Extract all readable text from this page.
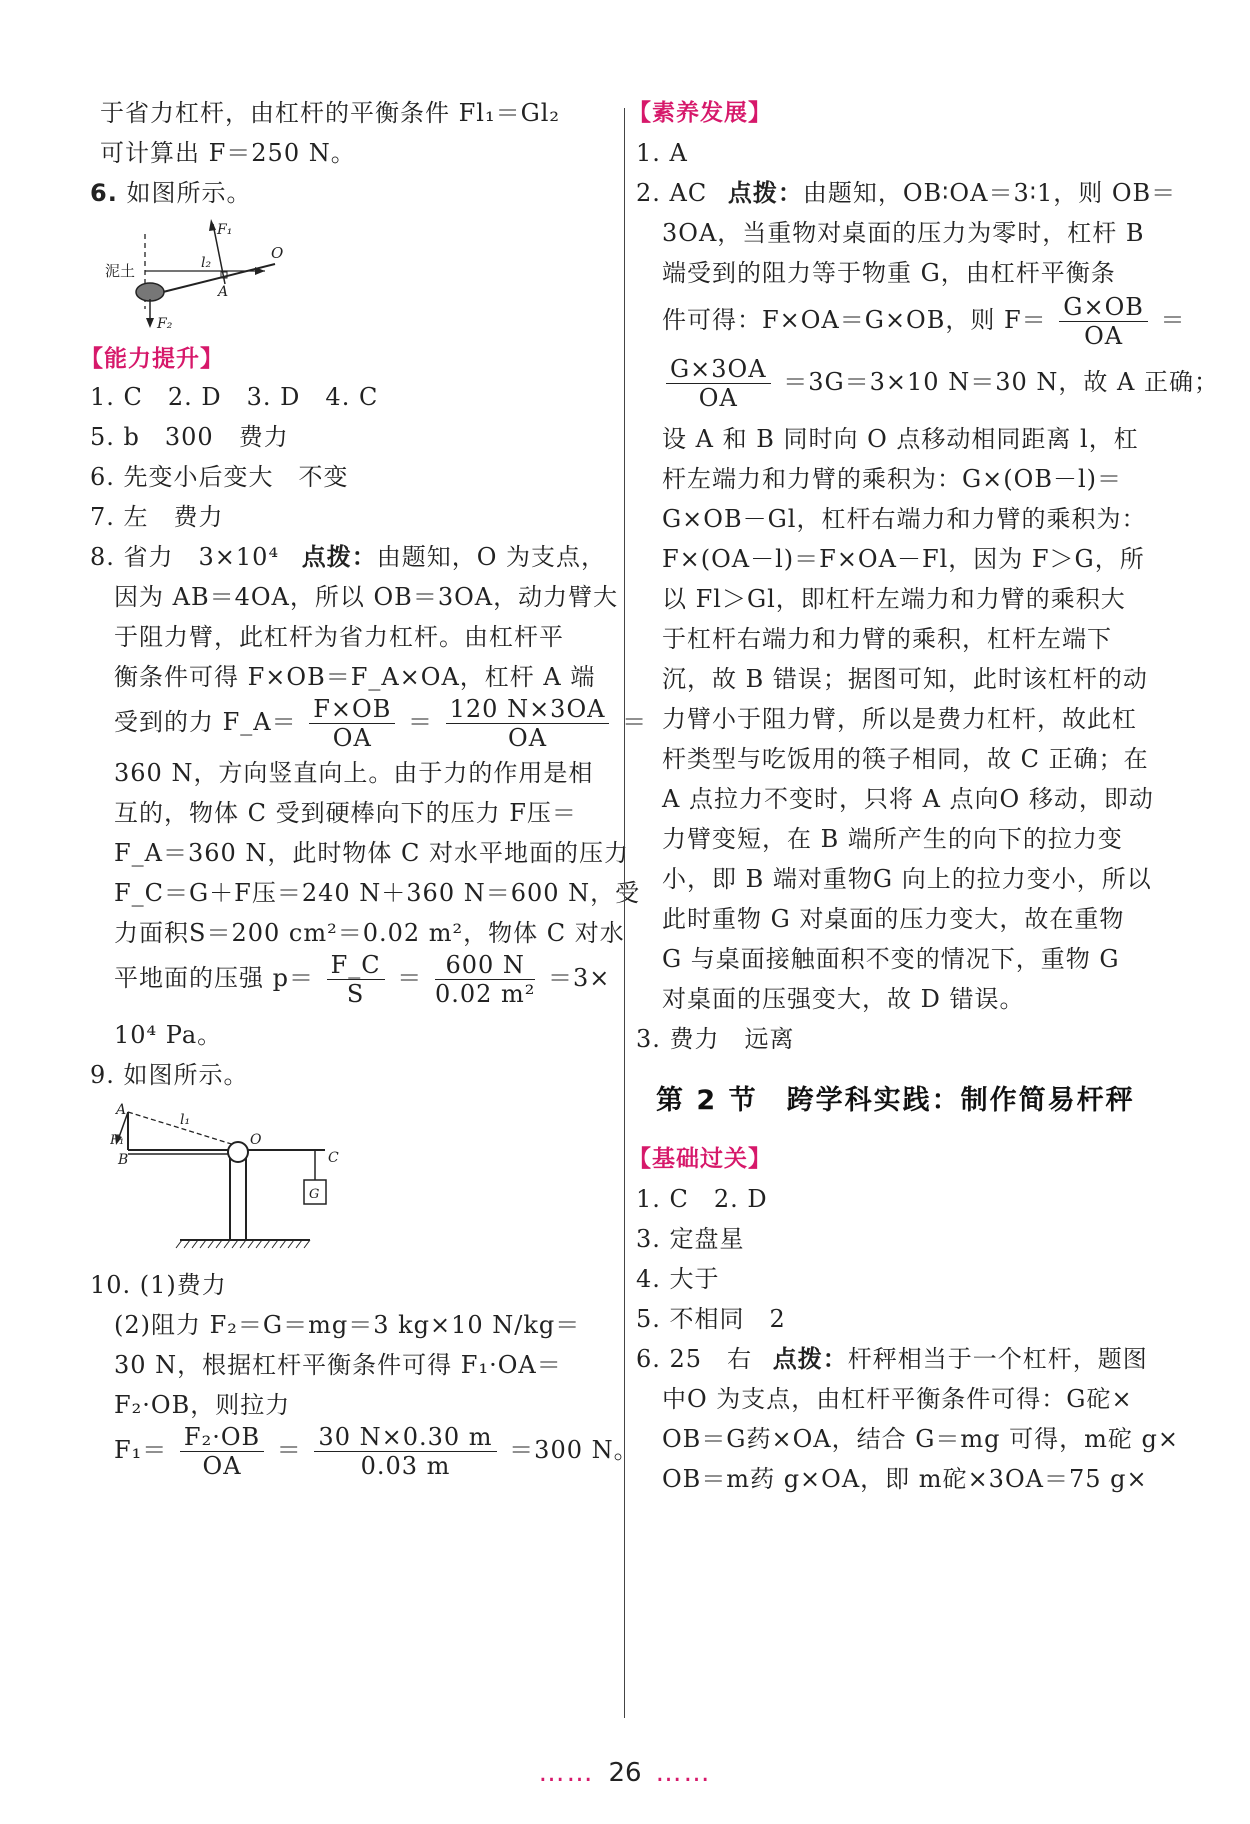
于省力杠杆，由杠杆的平衡条件 Fl₁＝Gl₂
可计算出 F＝250 N。
6. 如图所示。
泥土
F₁
F₂
l₂
O
A
【能力提升】
1. C　2. D　3. D　4. C
5. b　300　费力
6. 先变小后变大　不变
7. 左　费力
8. 省力　3×10⁴ 点拨：由题知，O 为支点，
因为 AB＝4OA，所以 OB＝3OA，动力臂大
于阻力臂，此杠杆为省力杠杆。由杠杆平
衡条件可得 F×OB＝F_A×OA，杠杆 A 端
受到的力 F_A＝ $\frac{F\times OB}{OA} = \frac{120 N\times 3OA}{OA}$ ＝
360 N，方向竖直向上。由于力的作用是相
互的，物体 C 受到硬棒向下的压力 F压＝
F_A＝360 N，此时物体 C 对水平地面的压力
F_C＝G＋F压＝240 N＋360 N＝600 N，受
力面积S＝200 cm²＝0.02 m²，物体 C 对水
平地面的压强 $p= \frac{F\_C}{S} = \frac{600 N}{\text{0.02 m²}} =3\times$
10⁴ Pa。
9. 如图所示。
A
l₁
F₁
B
O
C
G
10. (1)费力
(2)阻力 F₂＝G＝mg＝3 kg×10 N/kg＝
30 N，根据杠杆平衡条件可得 F₁·OA＝
F₂·OB，则拉力
$F_1= \frac{\text{F₂·OB}}{OA} = \frac{30 N\times 0.30 m}{0.03 m} =300$ N。
【素养发展】
1. A
2. AC 点拨：由题知，OB∶OA＝3∶1，则 OB＝
3OA，当重物对桌面的压力为零时，杠杆 B
端受到的阻力等于物重 G，由杠杆平衡条
件可得：F×OA＝G×OB，则 $F= \frac{G\times OB}{OA}$ ＝
$\frac{G\times 3OA}{OA} =3G=3\times 10$ N＝30 N，故 A 正确；
设 A 和 B 同时向 O 点移动相同距离 l，杠
杆左端力和力臂的乘积为：G×(OB－l)＝
G×OB－Gl，杠杆右端力和力臂的乘积为：
F×(OA－l)＝F×OA－Fl，因为 F＞G，所
以 Fl＞Gl，即杠杆左端力和力臂的乘积大
于杠杆右端力和力臂的乘积，杠杆左端下
沉，故 B 错误；据图可知，此时该杠杆的动
力臂小于阻力臂，所以是费力杠杆，故此杠
杆类型与吃饭用的筷子相同，故 C 正确；在
A 点拉力不变时，只将 A 点向O 移动，即动
力臂变短，在 B 端所产生的向下的拉力变
小，即 B 端对重物G 向上的拉力变小，所以
此时重物 G 对桌面的压力变大，故在重物
G 与桌面接触面积不变的情况下，重物 G
对桌面的压强变大，故 D 错误。
3. 费力　远离
第 2 节　跨学科实践：制作简易杆秤
【基础过关】
1. C　2. D
3. 定盘星
4. 大于
5. 不相同　2
6. 25　右 点拨：杆秤相当于一个杠杆，题图
中O 为支点，由杠杆平衡条件可得：G砣×
OB＝G药×OA，结合 G＝mg 可得，m砣 g×
OB＝m药 g×OA，即 m砣×3OA＝75 g×
…… 26 ……
